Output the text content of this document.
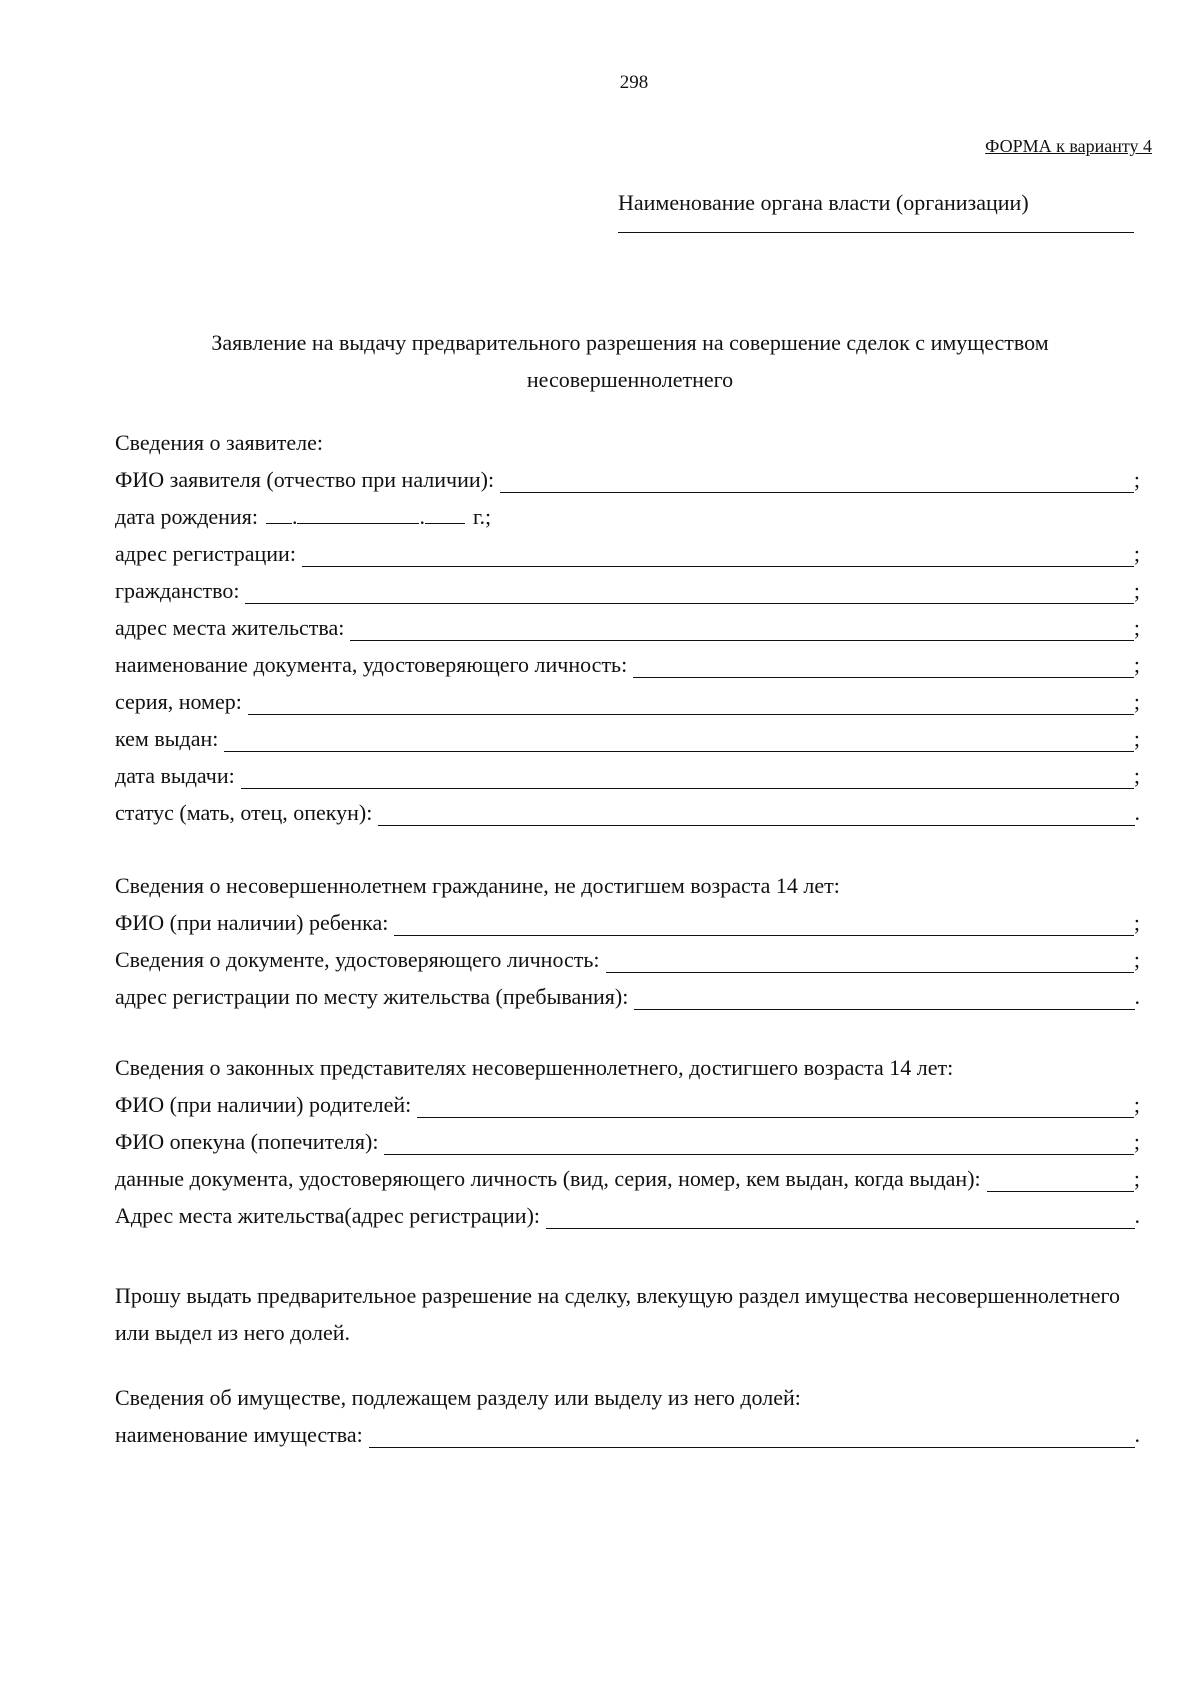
298
ФОРМА к варианту 4
Наименование органа власти (организации)
Заявление на выдачу предварительного разрешения на совершение сделок с имуществом несовершеннолетнего
Сведения о заявителе:
ФИО заявителя (отчество при наличии):	;
дата рождения: .	. г.;
адрес регистрации:	;
гражданство:	;
адрес места жительства:	;
наименование документа, удостоверяющего личность:	;
серия, номер:	;
кем выдан:	;
дата выдачи:	;
статус (мать, отец, опекун):	.
Сведения о несовершеннолетнем гражданине, не достигшем возраста 14 лет:
ФИО (при наличии) ребенка:	;
Сведения о документе, удостоверяющего личность:	;
адрес регистрации по месту жительства (пребывания):	.
Сведения о законных представителях несовершеннолетнего, достигшего возраста 14 лет:
ФИО (при наличии) родителей:	;
ФИО опекуна (попечителя):	;
данные документа, удостоверяющего личность (вид, серия, номер, кем выдан, когда выдан):	;
Адрес места жительства(адрес регистрации):	.
Прошу выдать предварительное разрешение на сделку, влекущую раздел имущества несовершеннолетнего или выдел из него долей.
Сведения об имуществе, подлежащем разделу или выделу из него долей:
наименование имущества:	.
